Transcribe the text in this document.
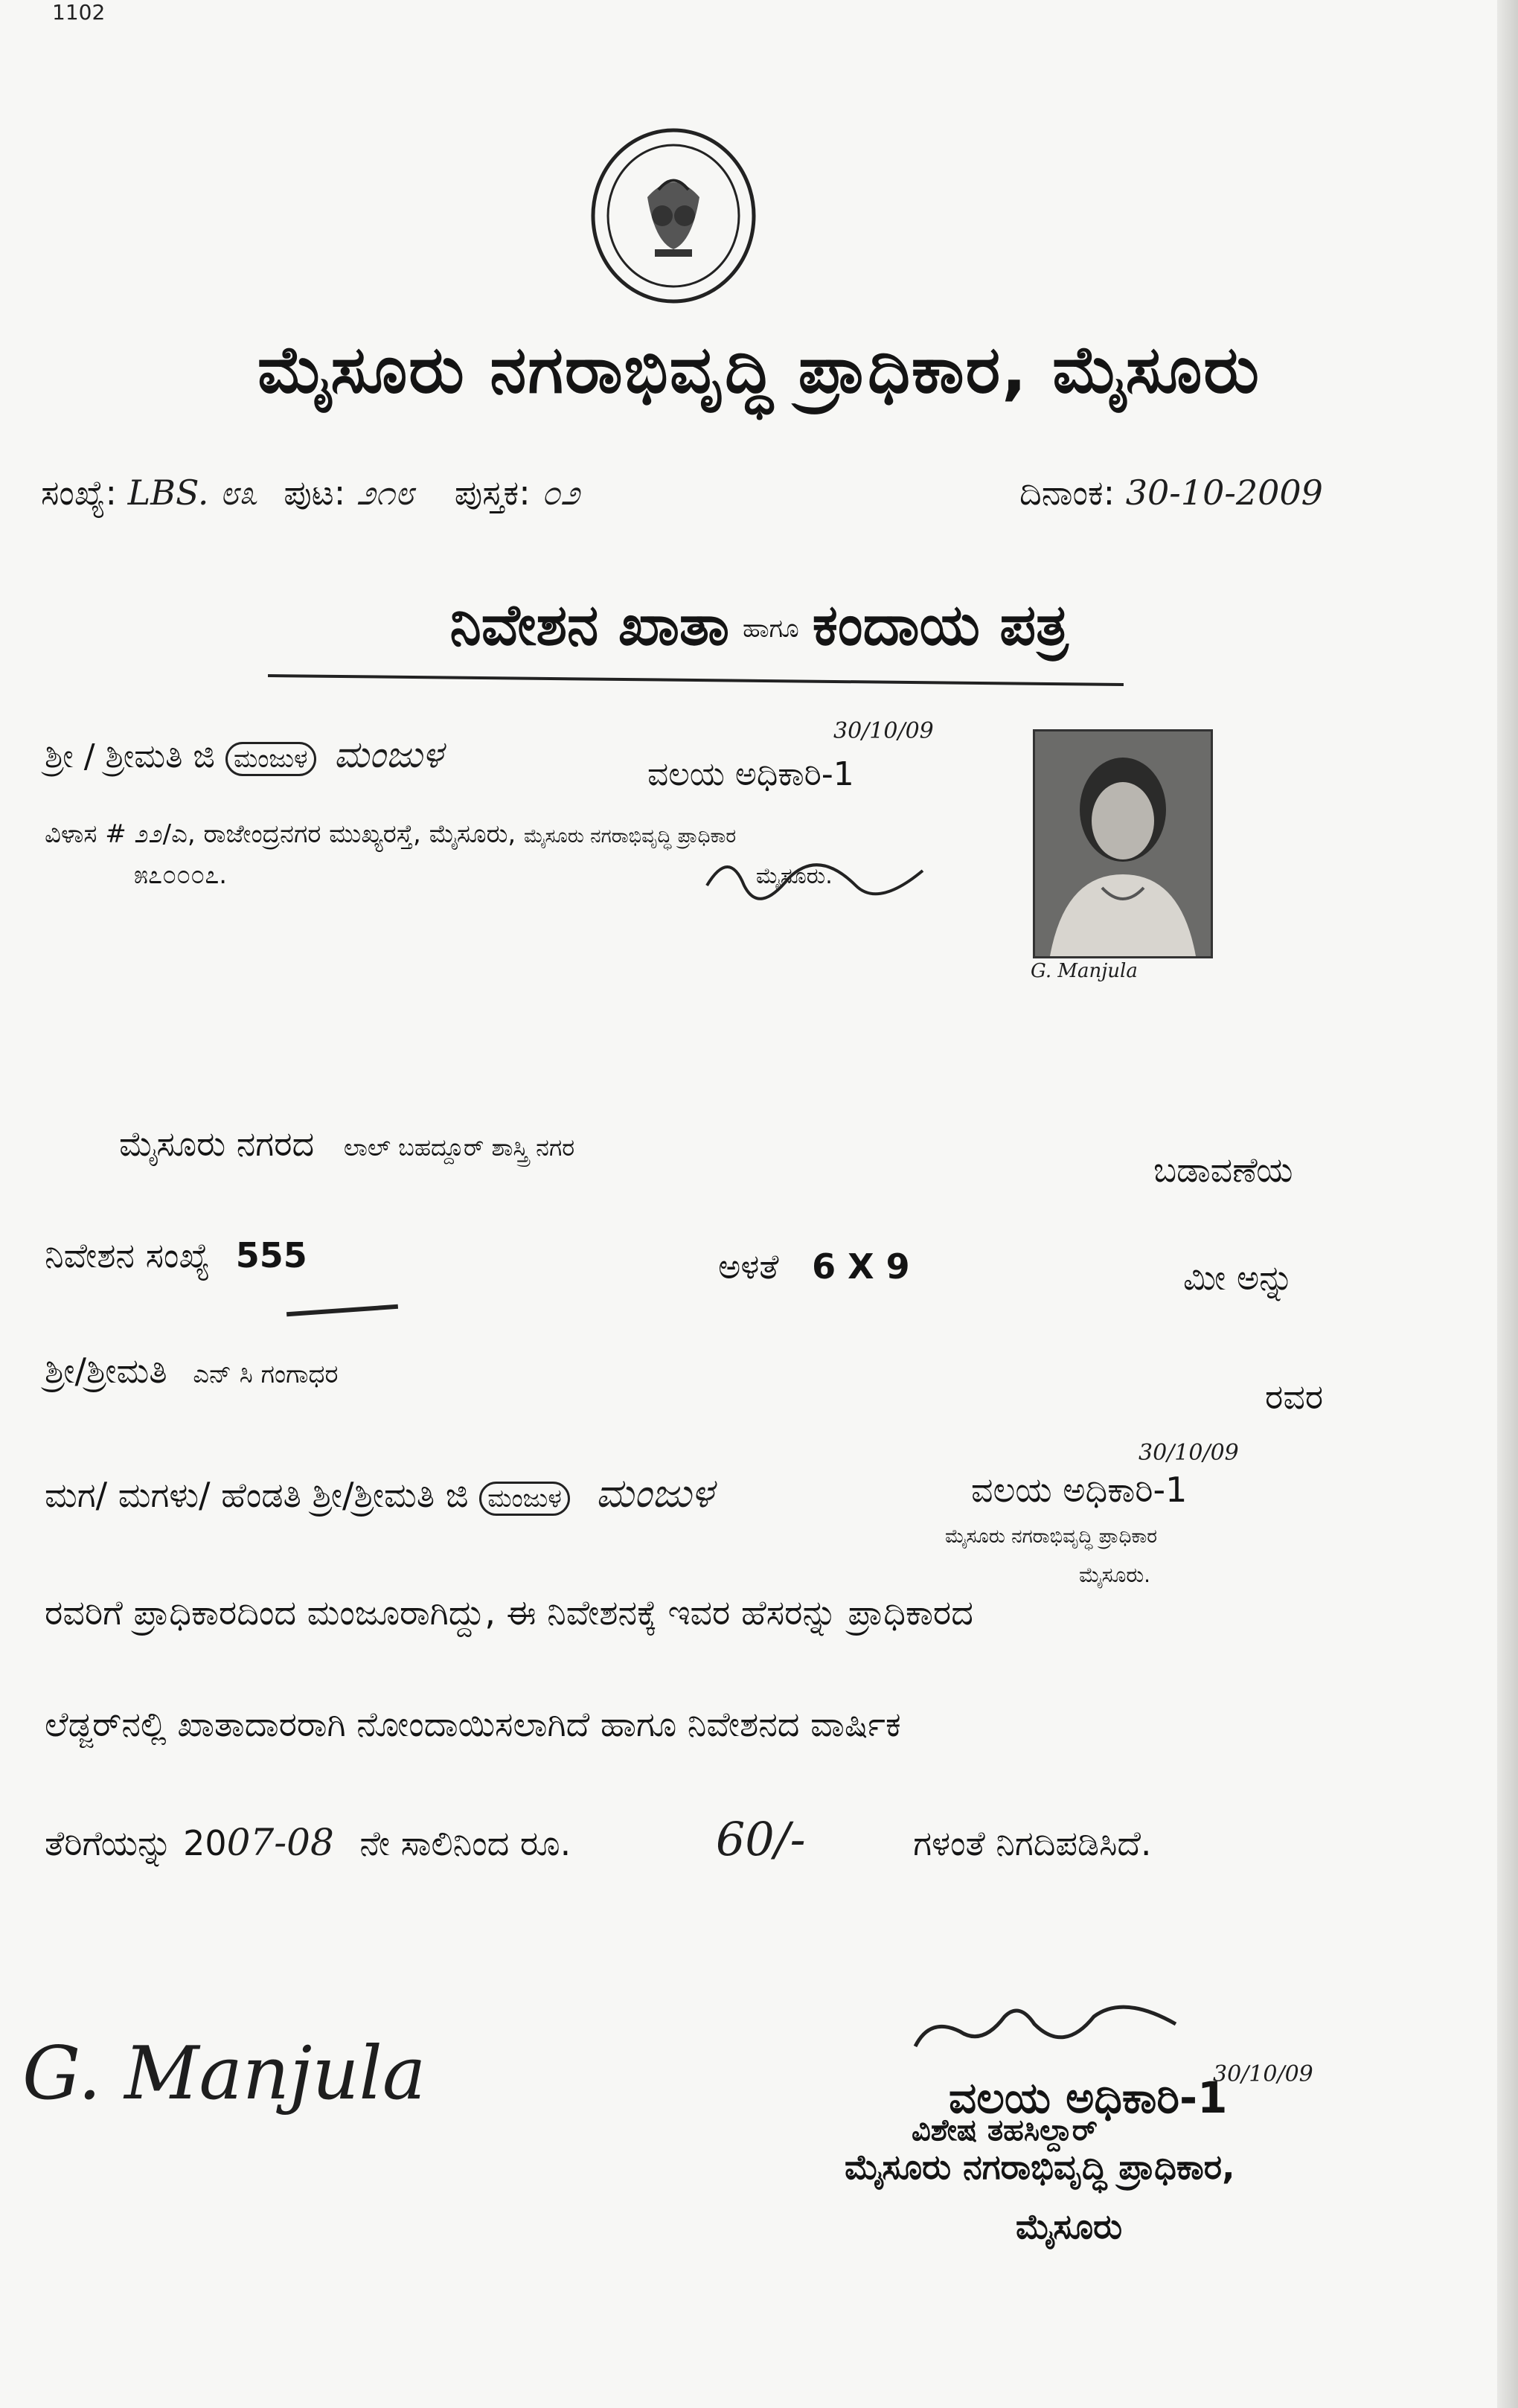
1102
ಮೈಸೂರು ನಗರಾಭಿವೃದ್ಧಿ ಪ್ರಾಧಿಕಾರ, ಮೈಸೂರು
ಸಂಖ್ಯೆ: LBS. ೮೩ ಪುಟ: ೨೧೮ ಪುಸ್ತಕ: ೦೨	ದಿನಾಂಕ: 30-10-2009
ನಿವೇಶನ ಖಾತಾ ಹಾಗೂ ಕಂದಾಯ ಪತ್ರ
ಶ್ರೀ / ಶ್ರೀಮತಿ ಜಿ ಮಂಜುಳ ಮಂಜುಳ	ವಲಯ ಅಧಿಕಾರಿ-1
30/10/09
ವಿಳಾಸ # ೨೨/ಎ, ರಾಜೇಂದ್ರನಗರ ಮುಖ್ಯರಸ್ತೆ, ಮೈಸೂರು, ಮೈಸೂರು ನಗರಾಭಿವೃದ್ಧಿ ಪ್ರಾಧಿಕಾರ
೫೭೦೦೦೭.	ಮೈಸೂರು.
G. Manjula
ಮೈಸೂರು ನಗರದ ಲಾಲ್ ಬಹದ್ದೂರ್ ಶಾಸ್ತ್ರಿ ನಗರ
ಬಡಾವಣೆಯ
ನಿವೇಶನ ಸಂಖ್ಯೆ 555	ಅಳತೆ 6 X 9	ಮೀ ಅನ್ನು
ಶ್ರೀ/ಶ್ರೀಮತಿ ಎನ್ ಸಿ ಗಂಗಾಧರ
ರವರ
ಮಗ/ ಮಗಳು/ ಹೆಂಡತಿ ಶ್ರೀ/ಶ್ರೀಮತಿ ಜಿ ಮಂಜುಳ ಮಂಜುಳ	ವಲಯ ಅಧಿಕಾರಿ-1
30/10/09
ಮೈಸೂರು ನಗರಾಭಿವೃದ್ಧಿ ಪ್ರಾಧಿಕಾರ
ಮೈಸೂರು.
ರವರಿಗೆ ಪ್ರಾಧಿಕಾರದಿಂದ ಮಂಜೂರಾಗಿದ್ದು, ಈ ನಿವೇಶನಕ್ಕೆ ಇವರ ಹೆಸರನ್ನು ಪ್ರಾಧಿಕಾರದ
ಲೆಡ್ಜರ್‌ನಲ್ಲಿ ಖಾತಾದಾರರಾಗಿ ನೋಂದಾಯಿಸಲಾಗಿದೆ ಹಾಗೂ ನಿವೇಶನದ ವಾರ್ಷಿಕ
ತೆರಿಗೆಯನ್ನು 2007-08 ನೇ ಸಾಲಿನಿಂದ ರೂ.	60/-	ಗಳಂತೆ ನಿಗದಿಪಡಿಸಿದೆ.
G. Manjula	30/10/09
ವಲಯ ಅಧಿಕಾರಿ-1
ವಿಶೇಷ ತಹಸಿಲ್ದಾರ್
ಮೈಸೂರು ನಗರಾಭಿವೃದ್ಧಿ ಪ್ರಾಧಿಕಾರ,
ಮೈಸೂರು
